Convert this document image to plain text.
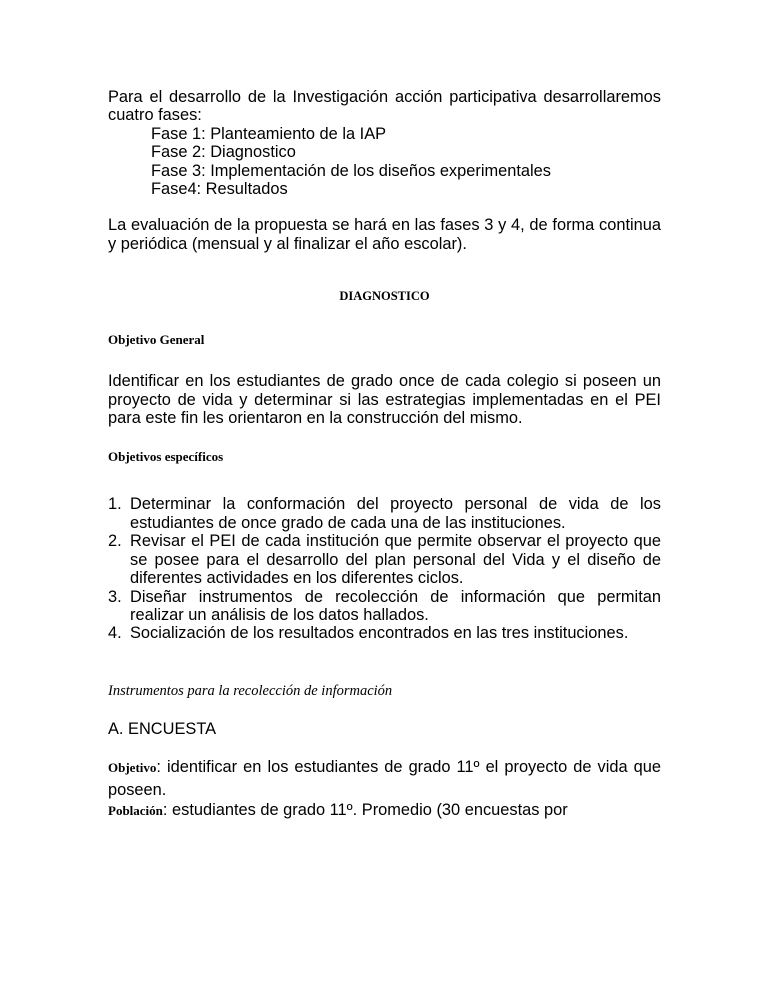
Para el desarrollo de la Investigación acción participativa desarrollaremos cuatro fases:
Fase 1: Planteamiento de la IAP
Fase 2: Diagnostico
Fase 3: Implementación de los diseños experimentales
Fase4: Resultados
La evaluación de la propuesta se hará en las fases 3 y 4, de forma continua y periódica (mensual y al finalizar el año escolar).
DIAGNOSTICO
Objetivo General
Identificar en los estudiantes de grado once de cada colegio si poseen un proyecto de vida y determinar si las estrategias implementadas en el PEI para este fin les orientaron en la construcción del mismo.
Objetivos específicos
1. Determinar la conformación del proyecto personal de vida de los estudiantes de once grado de cada una de las instituciones.
2. Revisar el PEI de cada institución que permite observar el proyecto que se posee para el desarrollo del plan personal del Vida y el diseño de diferentes actividades en los diferentes ciclos.
3. Diseñar instrumentos de recolección de información que permitan realizar un análisis de los datos hallados.
4. Socialización de los resultados encontrados en las tres instituciones.
Instrumentos para la recolección de información
A. ENCUESTA
Objetivo: identificar en los estudiantes de grado 11º el proyecto de vida que poseen.
Población: estudiantes de grado 11º. Promedio (30 encuestas por
